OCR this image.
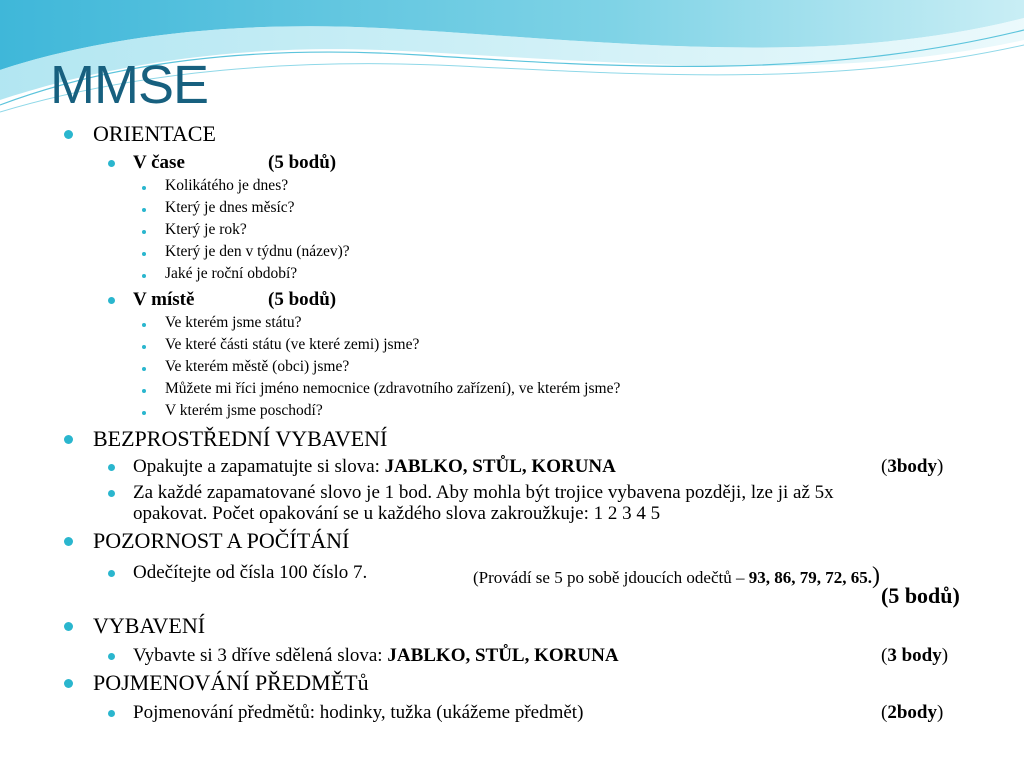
MMSE
ORIENTACE
V čase	(5 bodů)
Kolikátého je dnes?
Který je dnes měsíc?
Který je rok?
Který je den v týdnu (název)?
Jaké je roční období?
V místě	(5 bodů)
Ve kterém jsme státu?
Ve které části státu (ve které zemi) jsme?
Ve kterém městě (obci) jsme?
Můžete mi říci jméno nemocnice (zdravotního zařízení), ve kterém jsme?
V kterém jsme poschodí?
BEZPROSTŘEDNÍ VYBAVENÍ
Opakujte a zapamatujte si slova: JABLKO, STŮL, KORUNA	(3body)
Za každé zapamatované slovo je 1 bod. Aby mohla být trojice vybavena později, lze ji až 5x
opakovat. Počet opakování se u každého slova zakroužkuje: 1 2 3 4 5
POZORNOST A POČÍTÁNÍ
Odečítejte od čísla 100 číslo 7.	(Provádí se 5 po sobě jdoucích odečtů – 93, 86, 79, 72, 65.)
(5 bodů)
VYBAVENÍ
Vybavte si 3 dříve sdělená slova: JABLKO, STŮL, KORUNA	(3 body)
POJMENOVÁNÍ PŘEDMĚTů
Pojmenování předmětů: hodinky, tužka (ukážeme předmět)	(2body)
